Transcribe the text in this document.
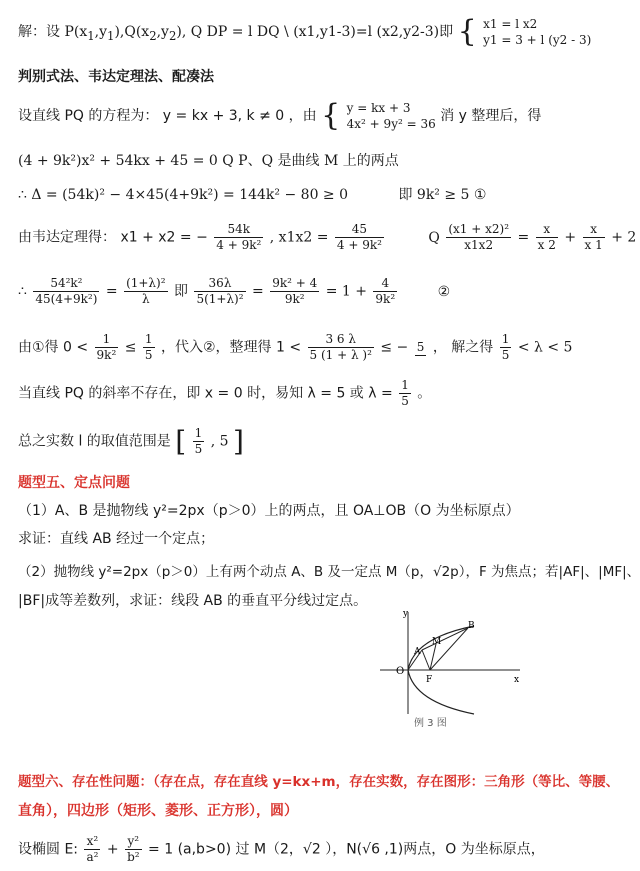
解：设 $P(x_1,y_1),Q(x_2,y_2)$, Q DP = l DQ \ (x1,y1-3)=l (x2,y2-3)即 { x1 = l x2
y1 = 3 + l (y2 - 3)
判别式法、韦达定理法、配凑法
设直线 PQ 的方程为： y = kx + 3, k ≠ 0 ，由 { y = kx + 3
4x² + 9y² = 36 消 y 整理后，得
(4 + 9k²)x² + 54kx + 45 = 0 Q P、Q 是曲线 M 上的两点
∴ Δ = (54k)² − 4×45(4+9k²) = 144k² − 80 ≥ 0	即 9k² ≥ 5 ①
由韦达定理得： x1 + x2 = − $\frac{54k}{\text{4 + 9k²}}$ , $x1x2 = \frac{45}{\text{4 + 9k²}}$	Q $\frac{\text{(x1 + x2)²}}{x1x2} = \frac{x}{x 2} + \frac{x}{x 1} + 2$
∴ $\frac{\text{54²k²}}{\text{45(4+9k²)}} = \frac{\text{(1+λ)²}}{\lambda}$ 即 $\frac{36\lambda}{\text{5(1+λ)²}} = \frac{\text{9k² + 4}}{\text{9k²}} = 1 + \frac{4}{\text{9k²}}$	②
由①得 $0 < \frac{1}{\text{9k²}} \le \frac{1}{5}$ ，代入②，整理得 $1 < \frac{3 6 \lambda}{\text{5 (1 + λ )²}}$ ≤ − 5 ， 解之得 $\frac{1}{5} < \lambda < 5$
当直线 PQ 的斜率不存在，即 x = 0 时，易知 λ = 5 或 $\lambda = \frac{1}{5}$ 。
总之实数 l 的取值范围是 [ $\frac{1}{5}$ , 5 ]
题型五、定点问题
（1）A、B 是抛物线 y²=2px（p＞0）上的两点，且 OA⊥OB（O 为坐标原点）
求证：直线 AB 经过一个定点；
（2）抛物线 y²=2px（p＞0）上有两个动点 A、B 及一定点 M（p，√2p），F 为焦点；若|AF|、|MF|、
|BF|成等差数列，求证：线段 AB 的垂直平分线过定点。
y
x
O
A
M
B
F
例 3 图
题型六、存在性问题：（存在点，存在直线 y=kx+m，存在实数，存在图形：三角形（等比、等腰、
直角），四边形（矩形、菱形、正方形），圆）
设椭圆 E: $\frac{\text{x²}}{\text{a²}} + \frac{\text{y²}}{\text{b²}} = 1$ (a,b>0) 过 M（2，√2 ），N(√6 ,1)两点，O 为坐标原点，
